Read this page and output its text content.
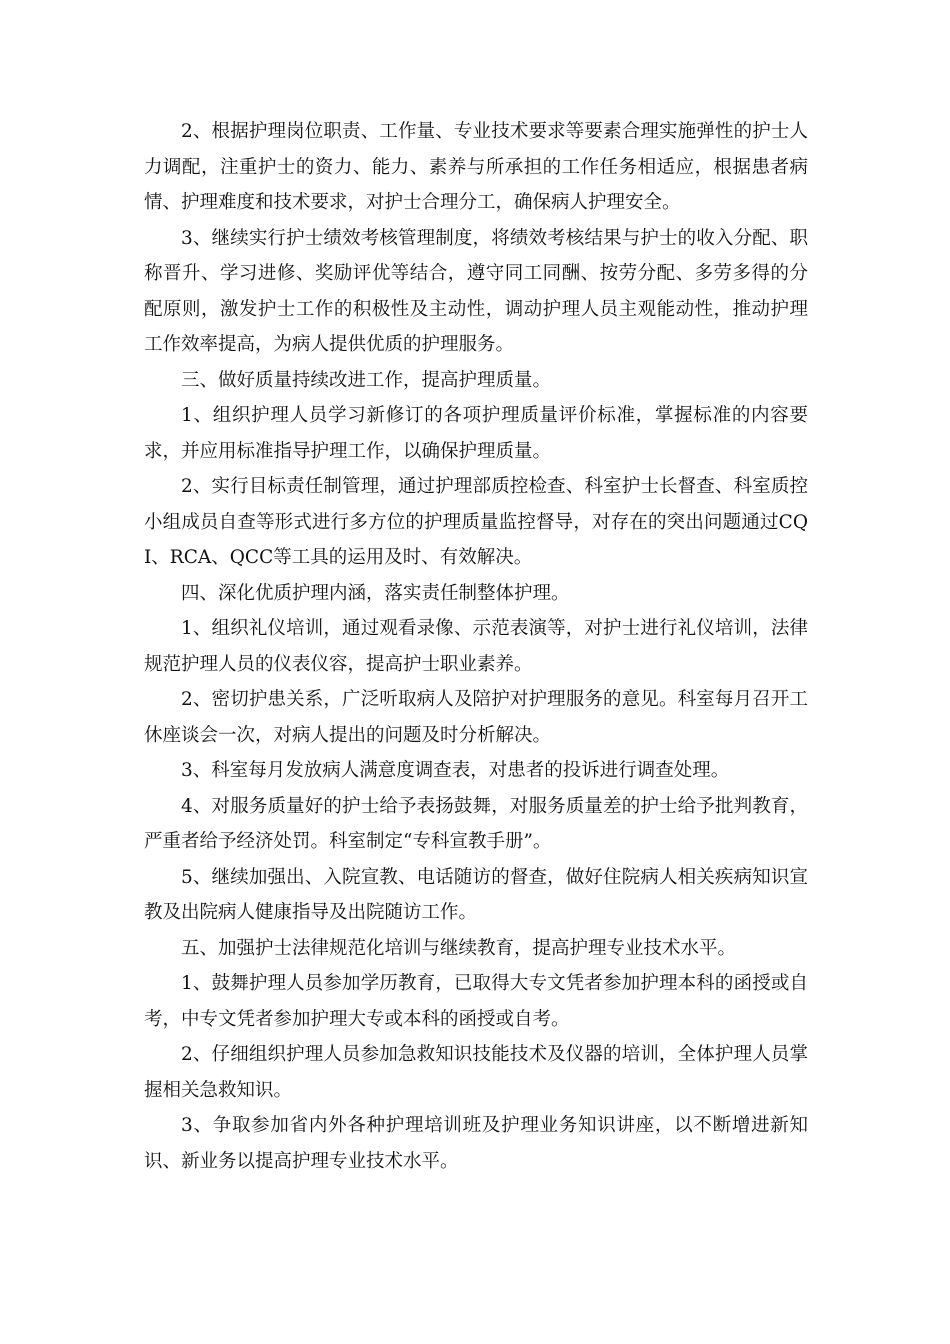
2、根据护理岗位职责、工作量、专业技术要求等要素合理实施弹性的护士人力调配，注重护士的资力、能力、素养与所承担的工作任务相适应，根据患者病情、护理难度和技术要求，对护士合理分工，确保病人护理安全。

3、继续实行护士绩效考核管理制度，将绩效考核结果与护士的收入分配、职称晋升、学习进修、奖励评优等结合，遵守同工同酬、按劳分配、多劳多得的分配原则，激发护士工作的积极性及主动性，调动护理人员主观能动性，推动护理工作效率提高，为病人提供优质的护理服务。

三、做好质量持续改进工作，提高护理质量。

1、组织护理人员学习新修订的各项护理质量评价标准，掌握标准的内容要求，并应用标准指导护理工作，以确保护理质量。

2、实行目标责任制管理，通过护理部质控检查、科室护士长督查、科室质控小组成员自查等形式进行多方位的护理质量监控督导，对存在的突出问题通过CQI、RCA、QCC等工具的运用及时、有效解决。

四、深化优质护理内涵，落实责任制整体护理。

1、组织礼仪培训，通过观看录像、示范表演等，对护士进行礼仪培训，法律规范护理人员的仪表仪容，提高护士职业素养。

2、密切护患关系，广泛听取病人及陪护对护理服务的意见。科室每月召开工休座谈会一次，对病人提出的问题及时分析解决。

3、科室每月发放病人满意度调查表，对患者的投诉进行调查处理。

4、对服务质量好的护士给予表扬鼓舞，对服务质量差的护士给予批判教育，严重者给予经济处罚。科室制定“专科宣教手册”。

5、继续加强出、入院宣教、电话随访的督查，做好住院病人相关疾病知识宣教及出院病人健康指导及出院随访工作。

五、加强护士法律规范化培训与继续教育，提高护理专业技术水平。

1、鼓舞护理人员参加学历教育，已取得大专文凭者参加护理本科的函授或自考，中专文凭者参加护理大专或本科的函授或自考。

2、仔细组织护理人员参加急救知识技能技术及仪器的培训，全体护理人员掌握相关急救知识。

3、争取参加省内外各种护理培训班及护理业务知识讲座，以不断增进新知识、新业务以提高护理专业技术水平。
